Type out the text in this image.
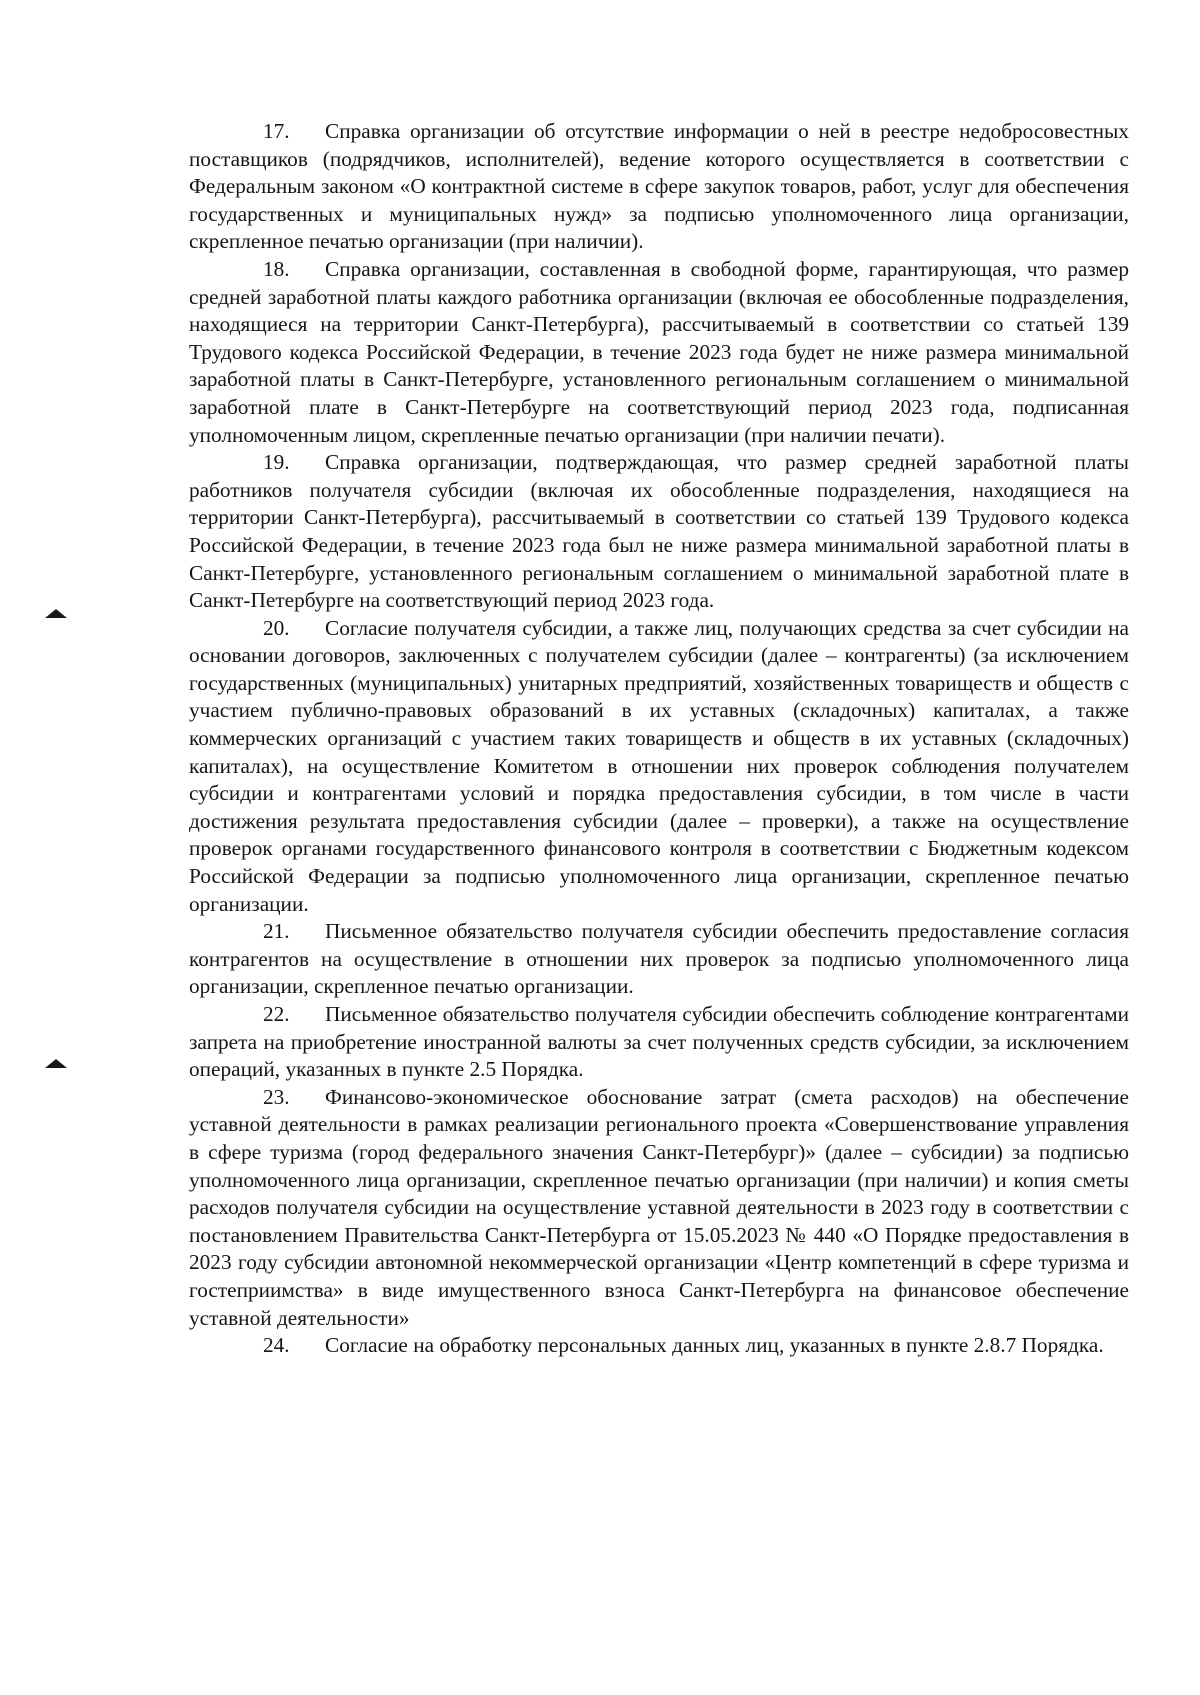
17. Справка организации об отсутствие информации о ней в реестре недобросовестных поставщиков (подрядчиков, исполнителей), ведение которого осуществляется в соответствии с Федеральным законом «О контрактной системе в сфере закупок товаров, работ, услуг для обеспечения государственных и муниципальных нужд» за подписью уполномоченного лица организации, скрепленное печатью организации (при наличии).

18. Справка организации, составленная в свободной форме, гарантирующая, что размер средней заработной платы каждого работника организации (включая ее обособленные подразделения, находящиеся на территории Санкт-Петербурга), рассчитываемый в соответствии со статьей 139 Трудового кодекса Российской Федерации, в течение 2023 года будет не ниже размера минимальной заработной платы в Санкт-Петербурге, установленного региональным соглашением о минимальной заработной плате в Санкт-Петербурге на соответствующий период 2023 года, подписанная уполномоченным лицом, скрепленные печатью организации (при наличии печати).

19. Справка организации, подтверждающая, что размер средней заработной платы работников получателя субсидии (включая их обособленные подразделения, находящиеся на территории Санкт-Петербурга), рассчитываемый в соответствии со статьей 139 Трудового кодекса Российской Федерации, в течение 2023 года был не ниже размера минимальной заработной платы в Санкт-Петербурге, установленного региональным соглашением о минимальной заработной плате в Санкт-Петербурге на соответствующий период 2023 года.

20. Согласие получателя субсидии, а также лиц, получающих средства за счет субсидии на основании договоров, заключенных с получателем субсидии (далее – контрагенты) (за исключением государственных (муниципальных) унитарных предприятий, хозяйственных товариществ и обществ с участием публично-правовых образований в их уставных (складочных) капиталах, а также коммерческих организаций с участием таких товариществ и обществ в их уставных (складочных) капиталах), на осуществление Комитетом в отношении них проверок соблюдения получателем субсидии и контрагентами условий и порядка предоставления субсидии, в том числе в части достижения результата предоставления субсидии (далее – проверки), а также на осуществление проверок органами государственного финансового контроля в соответствии с Бюджетным кодексом Российской Федерации за подписью уполномоченного лица организации, скрепленное печатью организации.

21. Письменное обязательство получателя субсидии обеспечить предоставление согласия контрагентов на осуществление в отношении них проверок за подписью уполномоченного лица организации, скрепленное печатью организации.

22. Письменное обязательство получателя субсидии обеспечить соблюдение контрагентами запрета на приобретение иностранной валюты за счет полученных средств субсидии, за исключением операций, указанных в пункте 2.5 Порядка.

23. Финансово-экономическое обоснование затрат (смета расходов) на обеспечение уставной деятельности в рамках реализации регионального проекта «Совершенствование управления в сфере туризма (город федерального значения Санкт-Петербург)» (далее – субсидии) за подписью уполномоченного лица организации, скрепленное печатью организации (при наличии) и копия сметы расходов получателя субсидии на осуществление уставной деятельности в 2023 году в соответствии с постановлением Правительства Санкт-Петербурга от 15.05.2023 № 440 «О Порядке предоставления в 2023 году субсидии автономной некоммерческой организации «Центр компетенций в сфере туризма и гостеприимства» в виде имущественного взноса Санкт-Петербурга на финансовое обеспечение уставной деятельности»

24. Согласие на обработку персональных данных лиц, указанных в пункте 2.8.7 Порядка.
